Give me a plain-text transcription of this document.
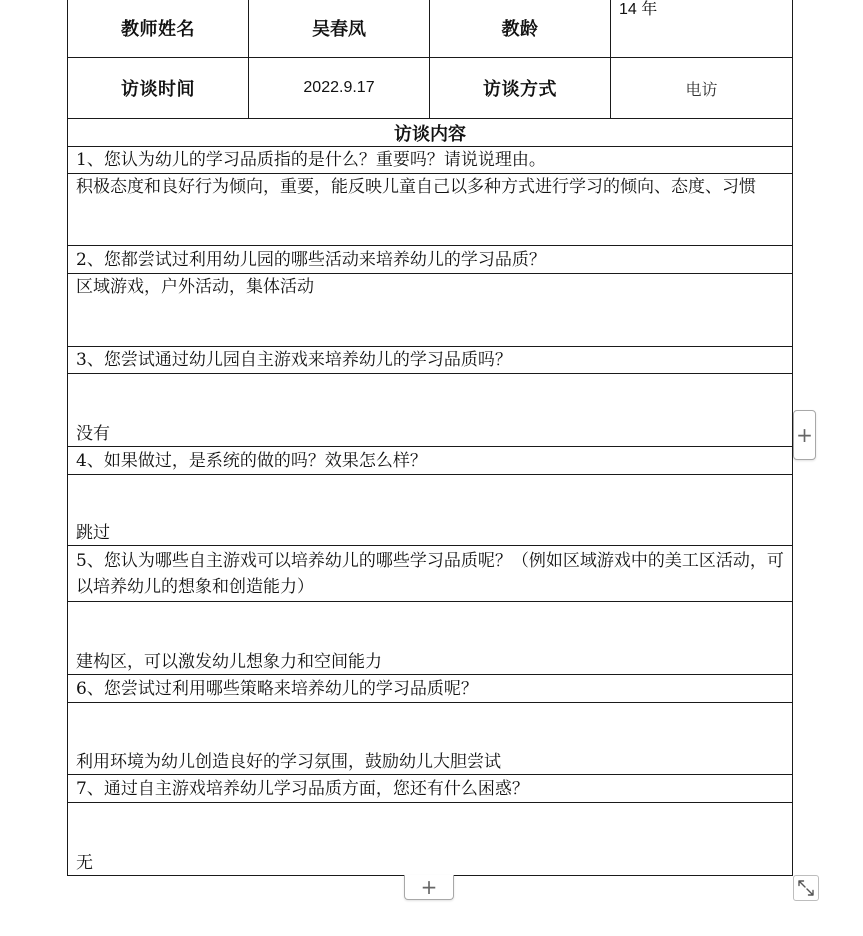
教师姓名	吴春凤	教龄	14 年
访谈时间	2022.9.17	访谈方式	电访
访谈内容			
1、您认为幼儿的学习品质指的是什么？重要吗？请说说理由。			
积极态度和良好行为倾向，重要，能反映儿童自己以多种方式进行学习的倾向、态度、习惯			
2、您都尝试过利用幼儿园的哪些活动来培养幼儿的学习品质？			
区域游戏，户外活动，集体活动			
3、您尝试通过幼儿园自主游戏来培养幼儿的学习品质吗？			
没有			
4、如果做过，是系统的做的吗？效果怎么样？			
跳过			
5、您认为哪些自主游戏可以培养幼儿的哪些学习品质呢？（例如区域游戏中的美工区活动，可以培养幼儿的想象和创造能力）			
建构区，可以激发幼儿想象力和空间能力			
6、您尝试过利用哪些策略来培养幼儿的学习品质呢？			
利用环境为幼儿创造良好的学习氛围，鼓励幼儿大胆尝试			
7、通过自主游戏培养幼儿学习品质方面，您还有什么困惑？			
无			
+
+
